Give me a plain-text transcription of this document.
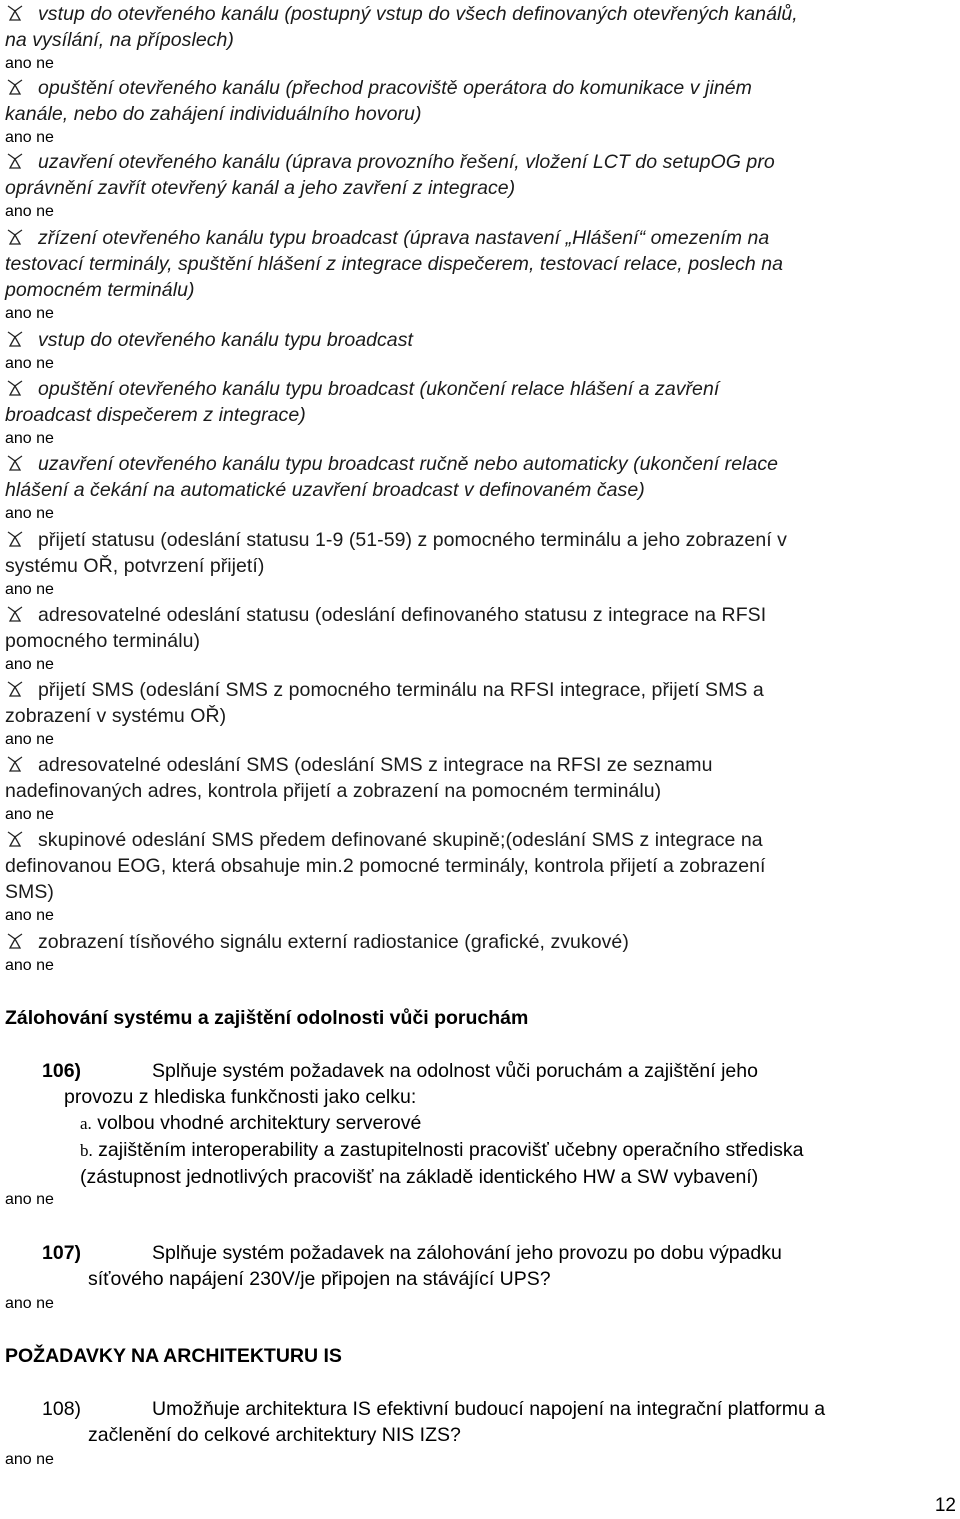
vstup do otevřeného kanálu (postupný vstup do všech definovaných otevřených kanálů,

na vysílání, na příposlech)

ano ne

opuštění otevřeného kanálu (přechod pracoviště operátora do komunikace v jiném

kanále, nebo do zahájení individuálního hovoru)

ano ne

uzavření otevřeného kanálu (úprava provozního řešení, vložení LCT do setupOG pro

oprávnění zavřít otevřený kanál a jeho zavření z integrace)

ano ne

zřízení otevřeného kanálu typu broadcast (úprava nastavení „Hlášení“ omezením na

testovací terminály, spuštění hlášení z integrace dispečerem, testovací relace, poslech na

pomocném terminálu)

ano ne

vstup do otevřeného kanálu typu broadcast

ano ne

opuštění otevřeného kanálu typu broadcast (ukončení relace hlášení a zavření

broadcast dispečerem z integrace)

ano ne

uzavření otevřeného kanálu typu broadcast ručně nebo automaticky (ukončení relace

hlášení a čekání na automatické uzavření broadcast v definovaném čase)

ano ne

přijetí statusu (odeslání statusu 1-9 (51-59) z pomocného terminálu a jeho zobrazení v

systému OŘ, potvrzení přijetí)

ano ne

adresovatelné odeslání statusu (odeslání definovaného statusu z integrace na RFSI

pomocného terminálu)

ano ne

přijetí SMS (odeslání SMS z pomocného terminálu na RFSI integrace, přijetí SMS a

zobrazení v systému OŘ)

ano ne

adresovatelné odeslání SMS (odeslání SMS z integrace na RFSI ze seznamu

nadefinovaných adres, kontrola přijetí a zobrazení na pomocném terminálu)

ano ne

skupinové odeslání SMS předem definované skupině;(odeslání SMS z integrace na

definovanou EOG, která obsahuje min.2 pomocné terminály, kontrola přijetí a zobrazení

SMS)

ano ne

zobrazení tísňového signálu externí radiostanice (grafické, zvukové)

ano ne

Zálohování systému a zajištění odolnosti vůči poruchám

106)	Splňuje systém požadavek na odolnost vůči poruchám a zajištění jeho

provozu z hlediska funkčnosti jako celku:

a. volbou vhodné architektury serverové

b. zajištěním interoperability a zastupitelnosti pracovišť učebny operačního střediska

(zástupnost jednotlivých pracovišť na základě identického HW a SW vybavení)

ano ne

107)	Splňuje systém požadavek na zálohování jeho provozu po dobu výpadku

síťového napájení 230V/je připojen na stávájící UPS?

ano ne

POŽADAVKY NA ARCHITEKTURU IS

108)	Umožňuje architektura IS efektivní budoucí napojení na integrační platformu a

začlenění do celkové architektury NIS IZS?

ano ne

12
